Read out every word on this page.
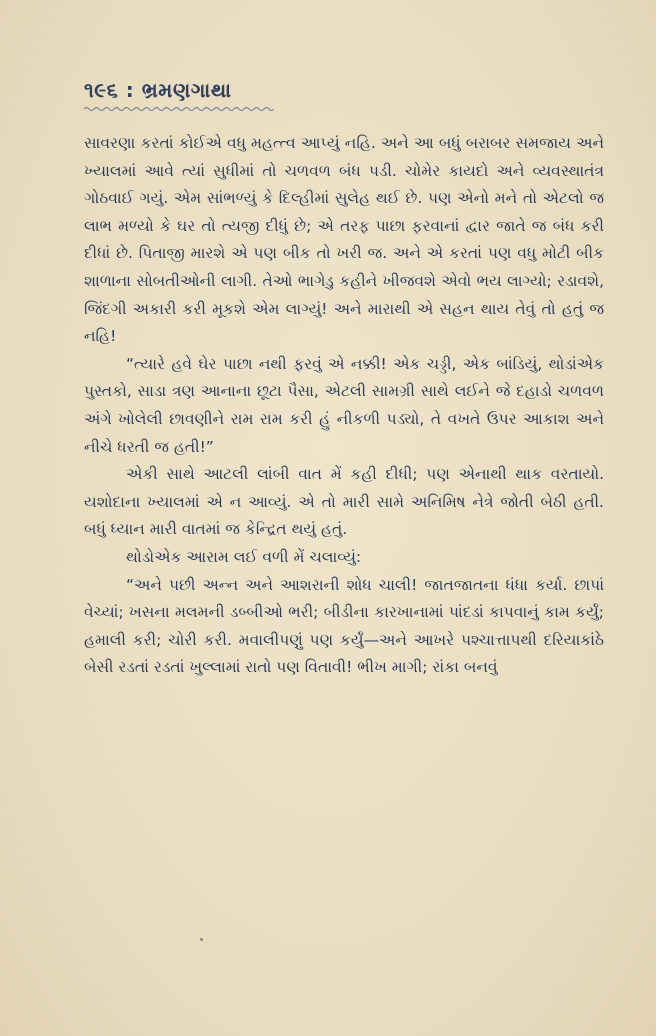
૧૯૬ : ભ્રમણગાથા

સાવરણા કરતાં કોઈએ વધુ મહત્ત્વ આપ્યું નહિ. અને આ બધું બરાબર સમજાય અને ખ્યાલમાં આવે ત્યાં સુધીમાં તો ચળવળ બંધ પડી. ચોમેર કાયદો અને વ્યવસ્થાતંત્ર ગોઠવાઈ ગયું. એમ સાંભળ્યું કે દિલ્હીમાં સુલેહ થઈ છે. પણ એનો મને તો એટલો જ લાભ મળ્યો કે ઘર તો ત્યજી દીધું છે; એ તરફ પાછા ફરવાનાં દ્વાર જાતે જ બંધ કરી દીધાં છે. પિતાજી મારશે એ પણ બીક તો ખરી જ. અને એ કરતાં પણ વધુ મોટી બીક શાળાના સોબતીઓની લાગી. તેઓ ભાગેડુ કહીને ખીજવશે એવો ભય લાગ્યો; રડાવશે, જિંદગી અકારી કરી મૂકશે એમ લાગ્યું! અને મારાથી એ સહન થાય તેવું તો હતું જ નહિ!

“ત્યારે હવે ઘેર પાછા નથી ફરવું એ નક્કી! એક ચડ્ડી, એક બાંડિયું, થોડાંએક પુસ્તકો, સાડા ત્રણ આનાના છૂટા પૈસા, એટલી સામગ્રી સાથે લઈને જે દહાડો ચળવળ અંગે ખોલેલી છાવણીને રામ રામ કરી હું નીકળી પડ્યો, તે વખતે ઉપર આકાશ અને નીચે ધરતી જ હતી!”

એકી સાથે આટલી લાંબી વાત મેં કહી દીધી; પણ એનાથી થાક વરતાયો. યશોદાના ખ્યાલમાં એ ન આવ્યું. એ તો મારી સામે અનિમિષ નેત્રે જોતી બેઠી હતી. બધું ધ્યાન મારી વાતમાં જ કેન્દ્રિત થયું હતું.

થોડોએક આરામ લઈ વળી મેં ચલાવ્યું:

“અને પછી અન્ન અને આશરાની શોધ ચાલી! જાતજાતના ધંધા કર્યા. છાપાં વેચ્યાં; ખસના મલમની ડબ્બીઓ ભરી; બીડીના કારખાનામાં પાંદડાં કાપવાનું કામ કર્યું; હમાલી કરી; ચોરી કરી. મવાલીપણું પણ કર્યું—અને આખરે પશ્ચાત્તાપથી દરિયાકાંઠે બેસી રડતાં રડતાં ખુલ્લામાં રાતો પણ વિતાવી! ભીખ માગી; રાંકા બનવું
